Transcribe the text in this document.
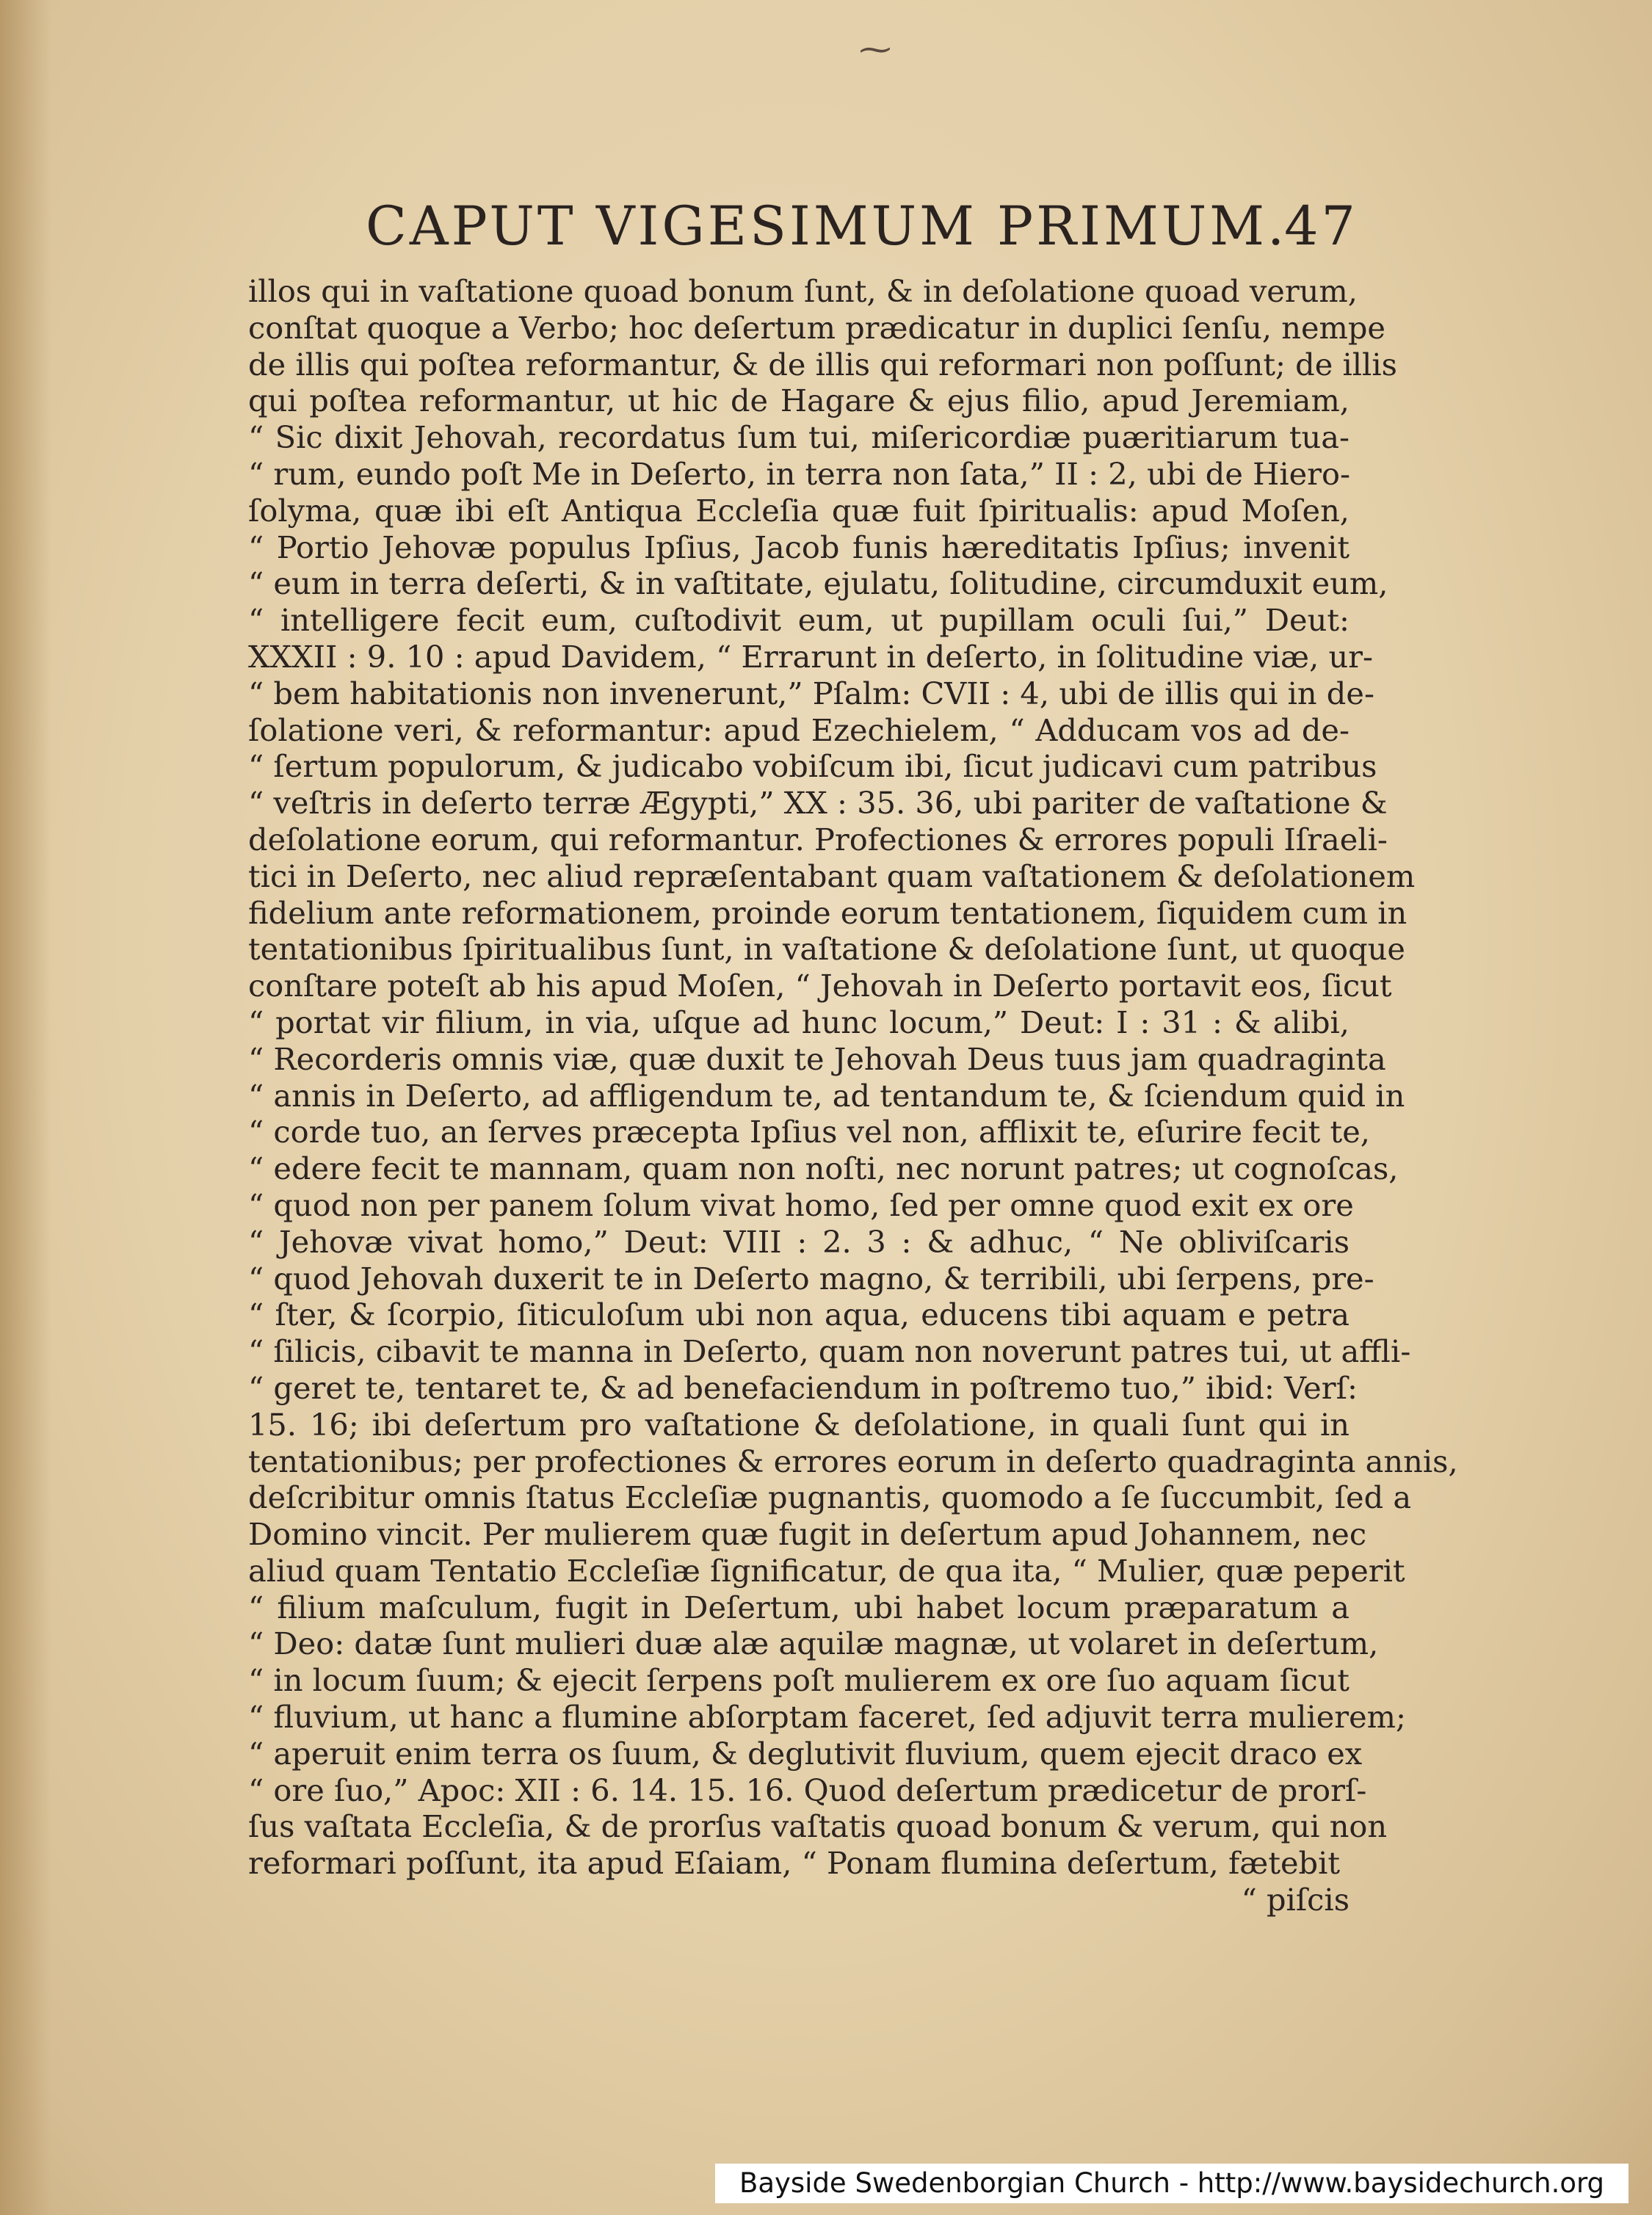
⁓
CAPUT VIGESIMUM PRIMUM.
47
illos qui in vaſtatione quoad bonum ſunt, & in deſolatione quoad verum,
conſtat quoque a Verbo; hoc deſertum prædicatur in duplici ſenſu, nempe
de illis qui poſtea reformantur, & de illis qui reformari non poſſunt; de illis
qui poſtea reformantur, ut hic de Hagare & ejus filio, apud Jeremiam,
“ Sic dixit Jehovah, recordatus ſum tui, miſericordiæ puæritiarum tua-
“ rum, eundo poſt Me in Deſerto, in terra non ſata,” II : 2, ubi de Hiero-
ſolyma, quæ ibi eſt Antiqua Eccleſia quæ fuit ſpiritualis: apud Moſen,
“ Portio Jehovæ populus Ipſius, Jacob funis hæreditatis Ipſius; invenit
“ eum in terra deſerti, & in vaſtitate, ejulatu, ſolitudine, circumduxit eum,
“ intelligere fecit eum, cuſtodivit eum, ut pupillam oculi ſui,” Deut:
XXXII : 9. 10 : apud Davidem, “ Errarunt in deſerto, in ſolitudine viæ, ur-
“ bem habitationis non invenerunt,” Pſalm: CVII : 4, ubi de illis qui in de-
ſolatione veri, & reformantur: apud Ezechielem, “ Adducam vos ad de-
“ ſertum populorum, & judicabo vobiſcum ibi, ſicut judicavi cum patribus
“ veſtris in deſerto terræ Ægypti,” XX : 35. 36, ubi pariter de vaſtatione &
deſolatione eorum, qui reformantur. Profectiones & errores populi Iſraeli-
tici in Deſerto, nec aliud repræſentabant quam vaſtationem & deſolationem
fidelium ante reformationem, proinde eorum tentationem, ſiquidem cum in
tentationibus ſpiritualibus ſunt, in vaſtatione & deſolatione ſunt, ut quoque
conſtare poteſt ab his apud Moſen, “ Jehovah in Deſerto portavit eos, ſicut
“ portat vir filium, in via, uſque ad hunc locum,” Deut: I : 31 : & alibi,
“ Recorderis omnis viæ, quæ duxit te Jehovah Deus tuus jam quadraginta
“ annis in Deſerto, ad affligendum te, ad tentandum te, & ſciendum quid in
“ corde tuo, an ſerves præcepta Ipſius vel non, afflixit te, eſurire fecit te,
“ edere fecit te mannam, quam non noſti, nec norunt patres; ut cognoſcas,
“ quod non per panem ſolum vivat homo, ſed per omne quod exit ex ore
“ Jehovæ vivat homo,” Deut: VIII : 2. 3 : & adhuc, “ Ne obliviſcaris
“ quod Jehovah duxerit te in Deſerto magno, & terribili, ubi ſerpens, pre-
“ ſter, & ſcorpio, ſiticuloſum ubi non aqua, educens tibi aquam e petra
“ ſilicis, cibavit te manna in Deſerto, quam non noverunt patres tui, ut affli-
“ geret te, tentaret te, & ad benefaciendum in poſtremo tuo,” ibid: Verſ:
15. 16; ibi deſertum pro vaſtatione & deſolatione, in quali ſunt qui in
tentationibus; per profectiones & errores eorum in deſerto quadraginta annis,
deſcribitur omnis ſtatus Eccleſiæ pugnantis, quomodo a ſe ſuccumbit, ſed a
Domino vincit. Per mulierem quæ fugit in deſertum apud Johannem, nec
aliud quam Tentatio Eccleſiæ ſignificatur, de qua ita, “ Mulier, quæ peperit
“ filium maſculum, fugit in Deſertum, ubi habet locum præparatum a
“ Deo: datæ ſunt mulieri duæ alæ aquilæ magnæ, ut volaret in deſertum,
“ in locum ſuum; & ejecit ſerpens poſt mulierem ex ore ſuo aquam ſicut
“ fluvium, ut hanc a flumine abſorptam faceret, ſed adjuvit terra mulierem;
“ aperuit enim terra os ſuum, & deglutivit fluvium, quem ejecit draco ex
“ ore ſuo,” Apoc: XII : 6. 14. 15. 16. Quod deſertum prædicetur de prorſ-
ſus vaſtata Eccleſia, & de prorſus vaſtatis quoad bonum & verum, qui non
reformari poſſunt, ita apud Eſaiam, “ Ponam flumina deſertum, fætebit
“ piſcis
Bayside Swedenborgian Church - http://www.baysidechurch.org
